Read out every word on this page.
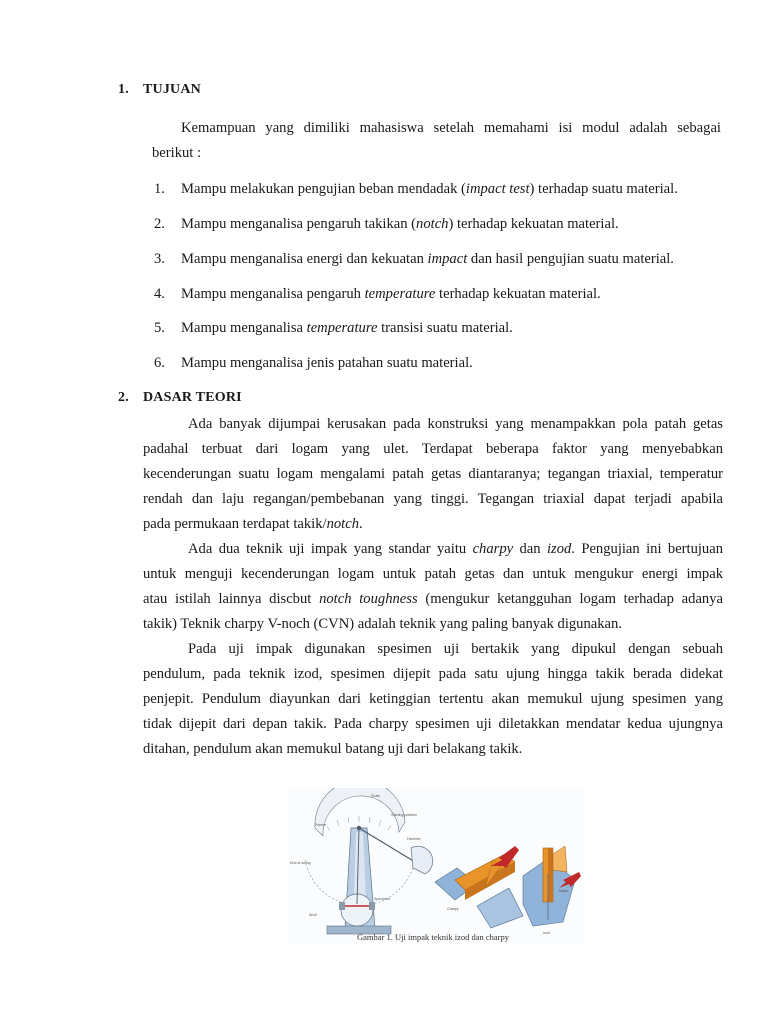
1. TUJUAN
Kemampuan yang dimiliki mahasiswa setelah memahami isi modul adalah sebagai
berikut :
1. Mampu melakukan pengujian beban mendadak (impact test) terhadap suatu material.
2. Mampu menganalisa pengaruh takikan (notch) terhadap kekuatan material.
3. Mampu menganalisa energi dan kekuatan impact dan hasil pengujian suatu material.
4. Mampu menganalisa pengaruh temperature terhadap kekuatan material.
5. Mampu menganalisa temperature transisi suatu material.
6. Mampu menganalisa jenis patahan suatu material.
2. DASAR TEORI
Ada banyak dijumpai kerusakan pada konstruksi yang menampakkan pola patah getas
padahal terbuat dari logam yang ulet. Terdapat beberapa faktor yang menyebabkan
kecenderungan suatu logam mengalami patah getas diantaranya; tegangan triaxial, temperatur
rendah dan laju regangan/pembebanan yang tinggi. Tegangan triaxial dapat terjadi apabila
pada permukaan terdapat takik/notch.
Ada dua teknik uji impak yang standar yaitu charpy dan izod. Pengujian ini bertujuan
untuk menguji kecenderungan logam untuk patah getas dan untuk mengukur energi impak
atau istilah lainnya discbut notch toughness (mengukur ketangguhan logam terhadap adanya
takik) Teknik charpy V-noch (CVN) adalah teknik yang paling banyak digunakan.
Pada uji impak digunakan spesimen uji bertakik yang dipukul dengan sebuah
pendulum, pada teknik izod, spesimen dijepit pada satu ujung hingga takik berada didekat
penjepit. Pendulum diayunkan dari ketinggian tertentu akan memukul ujung spesimen yang
tidak dijepit dari depan takik. Pada charpy spesimen uji diletakkan mendatar kedua ujungnya
ditahan, pendulum akan memukul batang uji dari belakang takik.
Scale
Pointer
Starting position
Hammer
End of swing
Specimen
Anvil
Charpy
Notch
Izod
Gambar 1. Uji impak teknik izod dan charpy
